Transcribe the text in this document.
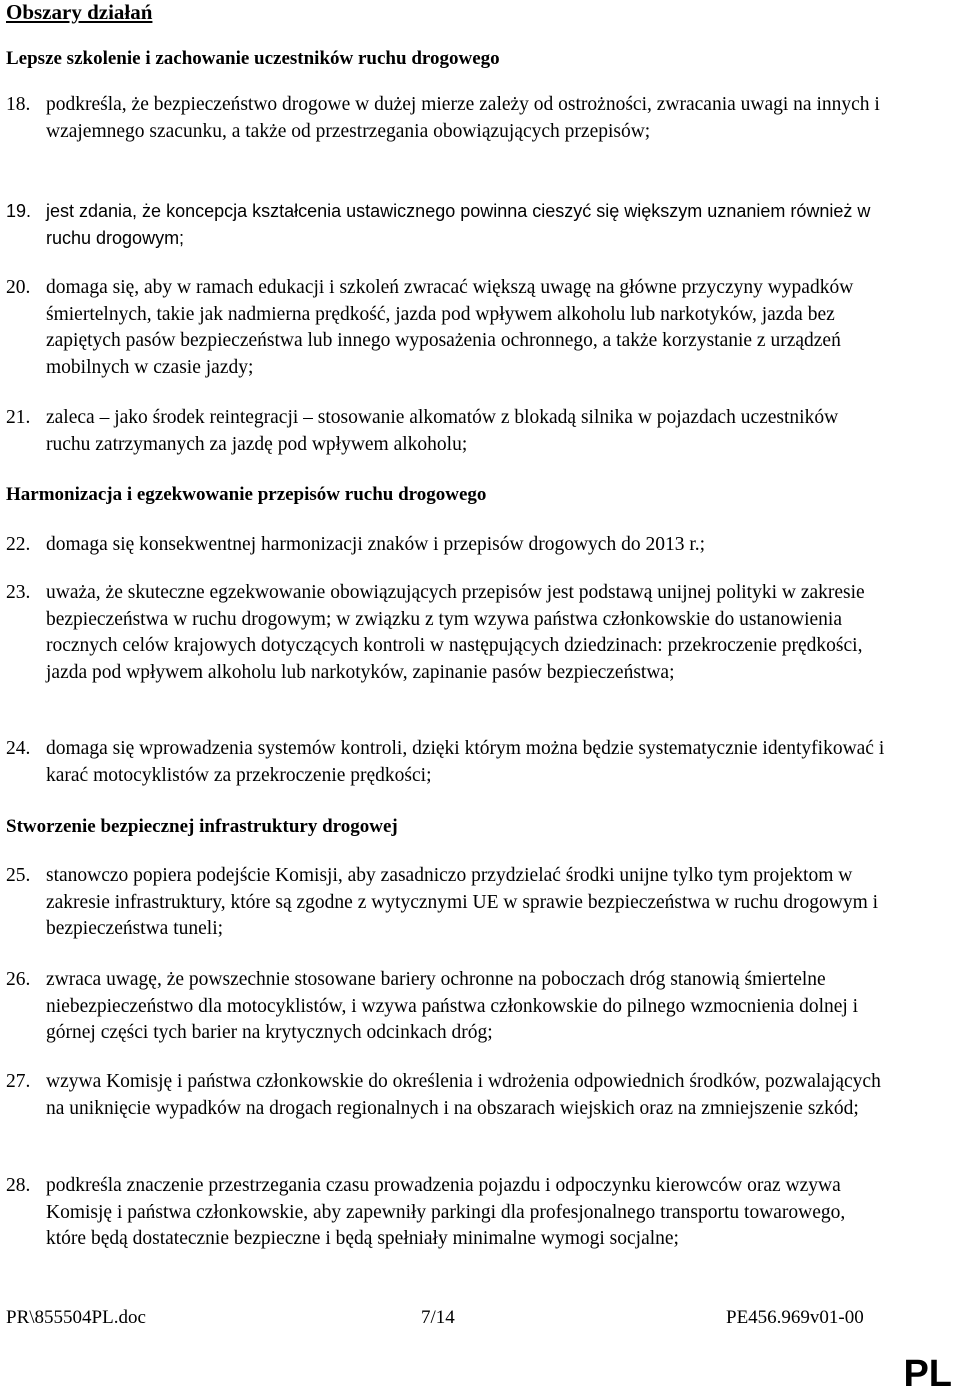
Obszary działań
Lepsze szkolenie i zachowanie uczestników ruchu drogowego
18. podkreśla, że bezpieczeństwo drogowe w dużej mierze zależy od ostrożności, zwracania uwagi na innych i wzajemnego szacunku, a także od przestrzegania obowiązujących przepisów;
19. jest zdania, że koncepcja kształcenia ustawicznego powinna cieszyć się większym uznaniem również w ruchu drogowym;
20. domaga się, aby w ramach edukacji i szkoleń zwracać większą uwagę na główne przyczyny wypadków śmiertelnych, takie jak nadmierna prędkość, jazda pod wpływem alkoholu lub narkotyków, jazda bez zapiętych pasów bezpieczeństwa lub innego wyposażenia ochronnego, a także korzystanie z urządzeń mobilnych w czasie jazdy;
21. zaleca – jako środek reintegracji – stosowanie alkomatów z blokadą silnika w pojazdach uczestników ruchu zatrzymanych za jazdę pod wpływem alkoholu;
Harmonizacja i egzekwowanie przepisów ruchu drogowego
22. domaga się konsekwentnej harmonizacji znaków i przepisów drogowych do 2013 r.;
23. uważa, że skuteczne egzekwowanie obowiązujących przepisów jest podstawą unijnej polityki w zakresie bezpieczeństwa w ruchu drogowym; w związku z tym wzywa państwa członkowskie do ustanowienia rocznych celów krajowych dotyczących kontroli w następujących dziedzinach: przekroczenie prędkości, jazda pod wpływem alkoholu lub narkotyków, zapinanie pasów bezpieczeństwa;
24. domaga się wprowadzenia systemów kontroli, dzięki którym można będzie systematycznie identyfikować i karać motocyklistów za przekroczenie prędkości;
Stworzenie bezpiecznej infrastruktury drogowej
25. stanowczo popiera podejście Komisji, aby zasadniczo przydzielać środki unijne tylko tym projektom w zakresie infrastruktury, które są zgodne z wytycznymi UE w sprawie bezpieczeństwa w ruchu drogowym i bezpieczeństwa tuneli;
26. zwraca uwagę, że powszechnie stosowane bariery ochronne na poboczach dróg stanowią śmiertelne niebezpieczeństwo dla motocyklistów, i wzywa państwa członkowskie do pilnego wzmocnienia dolnej i górnej części tych barier na krytycznych odcinkach dróg;
27. wzywa Komisję i państwa członkowskie do określenia i wdrożenia odpowiednich środków, pozwalających na uniknięcie wypadków na drogach regionalnych i na obszarach wiejskich oraz na zmniejszenie szkód;
28. podkreśla znaczenie przestrzegania czasu prowadzenia pojazdu i odpoczynku kierowców oraz wzywa Komisję i państwa członkowskie, aby zapewniły parkingi dla profesjonalnego transportu towarowego, które będą dostatecznie bezpieczne i będą spełniały minimalne wymogi socjalne;
PR\855504PL.doc	7/14	PE456.969v01-00
PL
